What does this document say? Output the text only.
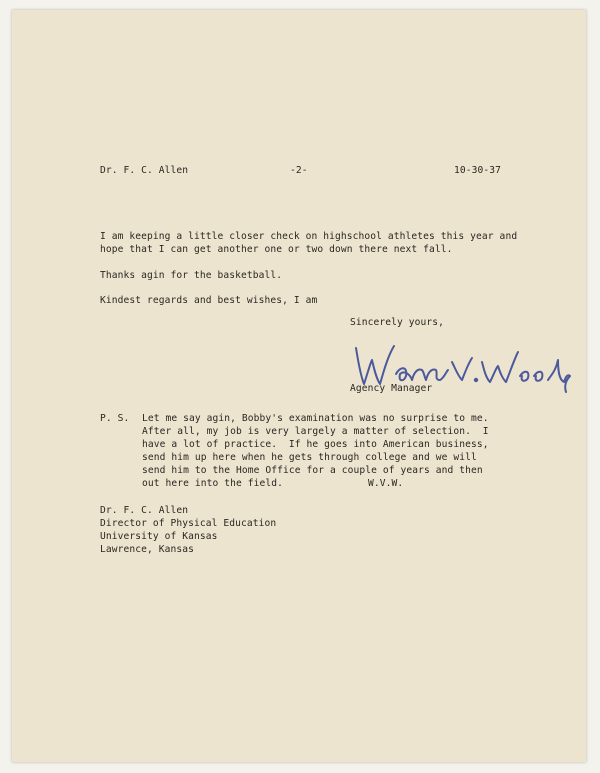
Dr. F. C. Allen	-2-	10-30-37
I am keeping a little closer check on highschool athletes this year and
hope that I can get another one or two down there next fall.
Thanks agin for the basketball.
Kindest regards and best wishes, I am
Sincerely yours,
Agency Manager
P. S. Let me say agin, Bobby's examination was no surprise to me.
After all, my job is very largely a matter of selection.  I
have a lot of practice.  If he goes into American business,
send him up here when he gets through college and we will
send him to the Home Office for a couple of years and then
out here into the field.	W.V.W.
Dr. F. C. Allen
Director of Physical Education
University of Kansas
Lawrence, Kansas
